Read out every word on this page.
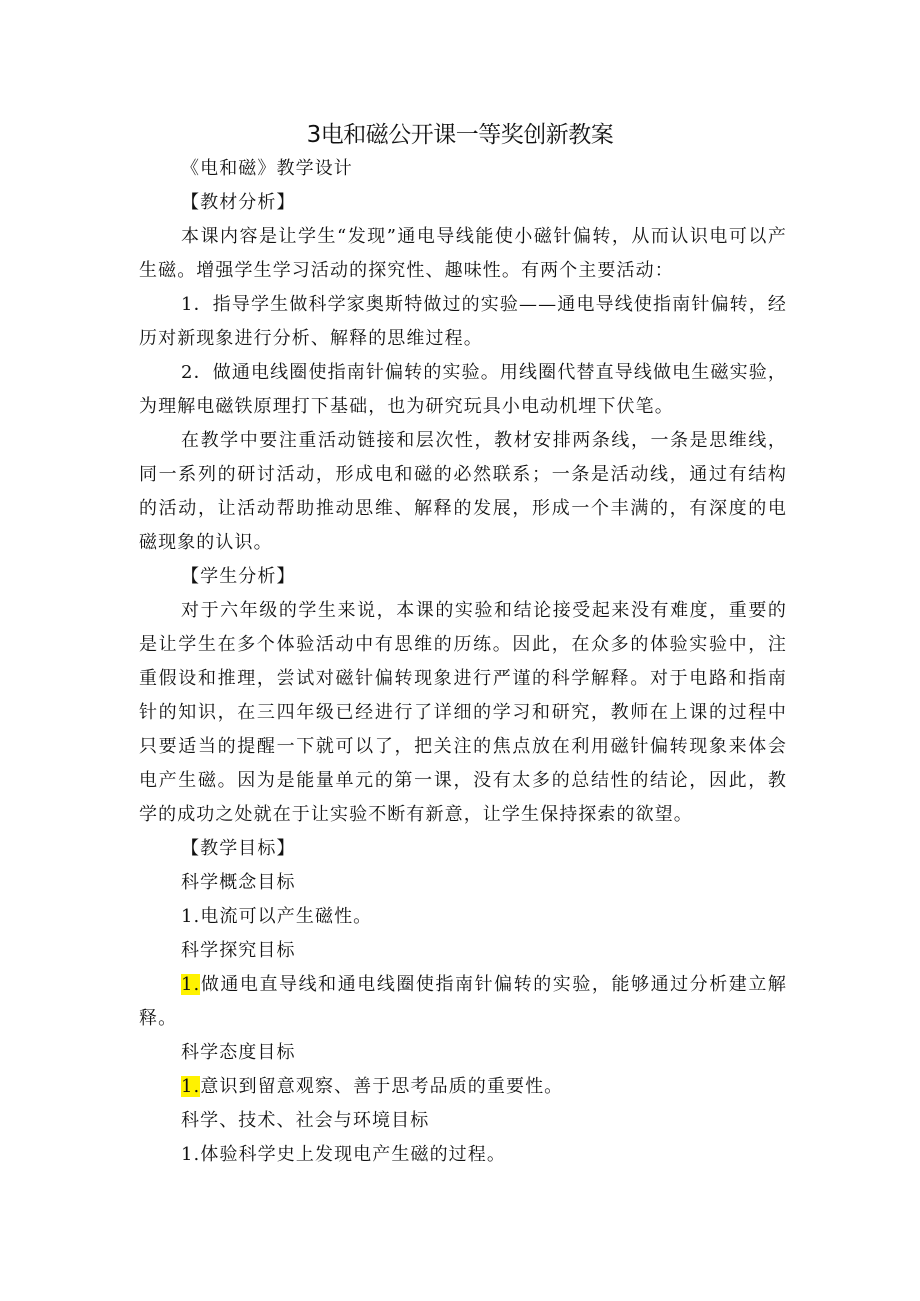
3电和磁公开课一等奖创新教案

《电和磁》教学设计

【教材分析】

本课内容是让学生“发现”通电导线能使小磁针偏转，从而认识电可以产生磁。增强学生学习活动的探究性、趣味性。有两个主要活动：

1．指导学生做科学家奥斯特做过的实验——通电导线使指南针偏转，经历对新现象进行分析、解释的思维过程。

2．做通电线圈使指南针偏转的实验。用线圈代替直导线做电生磁实验，为理解电磁铁原理打下基础，也为研究玩具小电动机埋下伏笔。

在教学中要注重活动链接和层次性，教材安排两条线，一条是思维线，同一系列的研讨活动，形成电和磁的必然联系；一条是活动线，通过有结构的活动，让活动帮助推动思维、解释的发展，形成一个丰满的，有深度的电磁现象的认识。

【学生分析】

对于六年级的学生来说，本课的实验和结论接受起来没有难度，重要的是让学生在多个体验活动中有思维的历练。因此，在众多的体验实验中，注重假设和推理，尝试对磁针偏转现象进行严谨的科学解释。对于电路和指南针的知识，在三四年级已经进行了详细的学习和研究，教师在上课的过程中只要适当的提醒一下就可以了，把关注的焦点放在利用磁针偏转现象来体会电产生磁。因为是能量单元的第一课，没有太多的总结性的结论，因此，教学的成功之处就在于让实验不断有新意，让学生保持探索的欲望。

【教学目标】

科学概念目标

1.电流可以产生磁性。

科学探究目标

1.做通电直导线和通电线圈使指南针偏转的实验，能够通过分析建立解释。

科学态度目标

1.意识到留意观察、善于思考品质的重要性。

科学、技术、社会与环境目标

1.体验科学史上发现电产生磁的过程。
